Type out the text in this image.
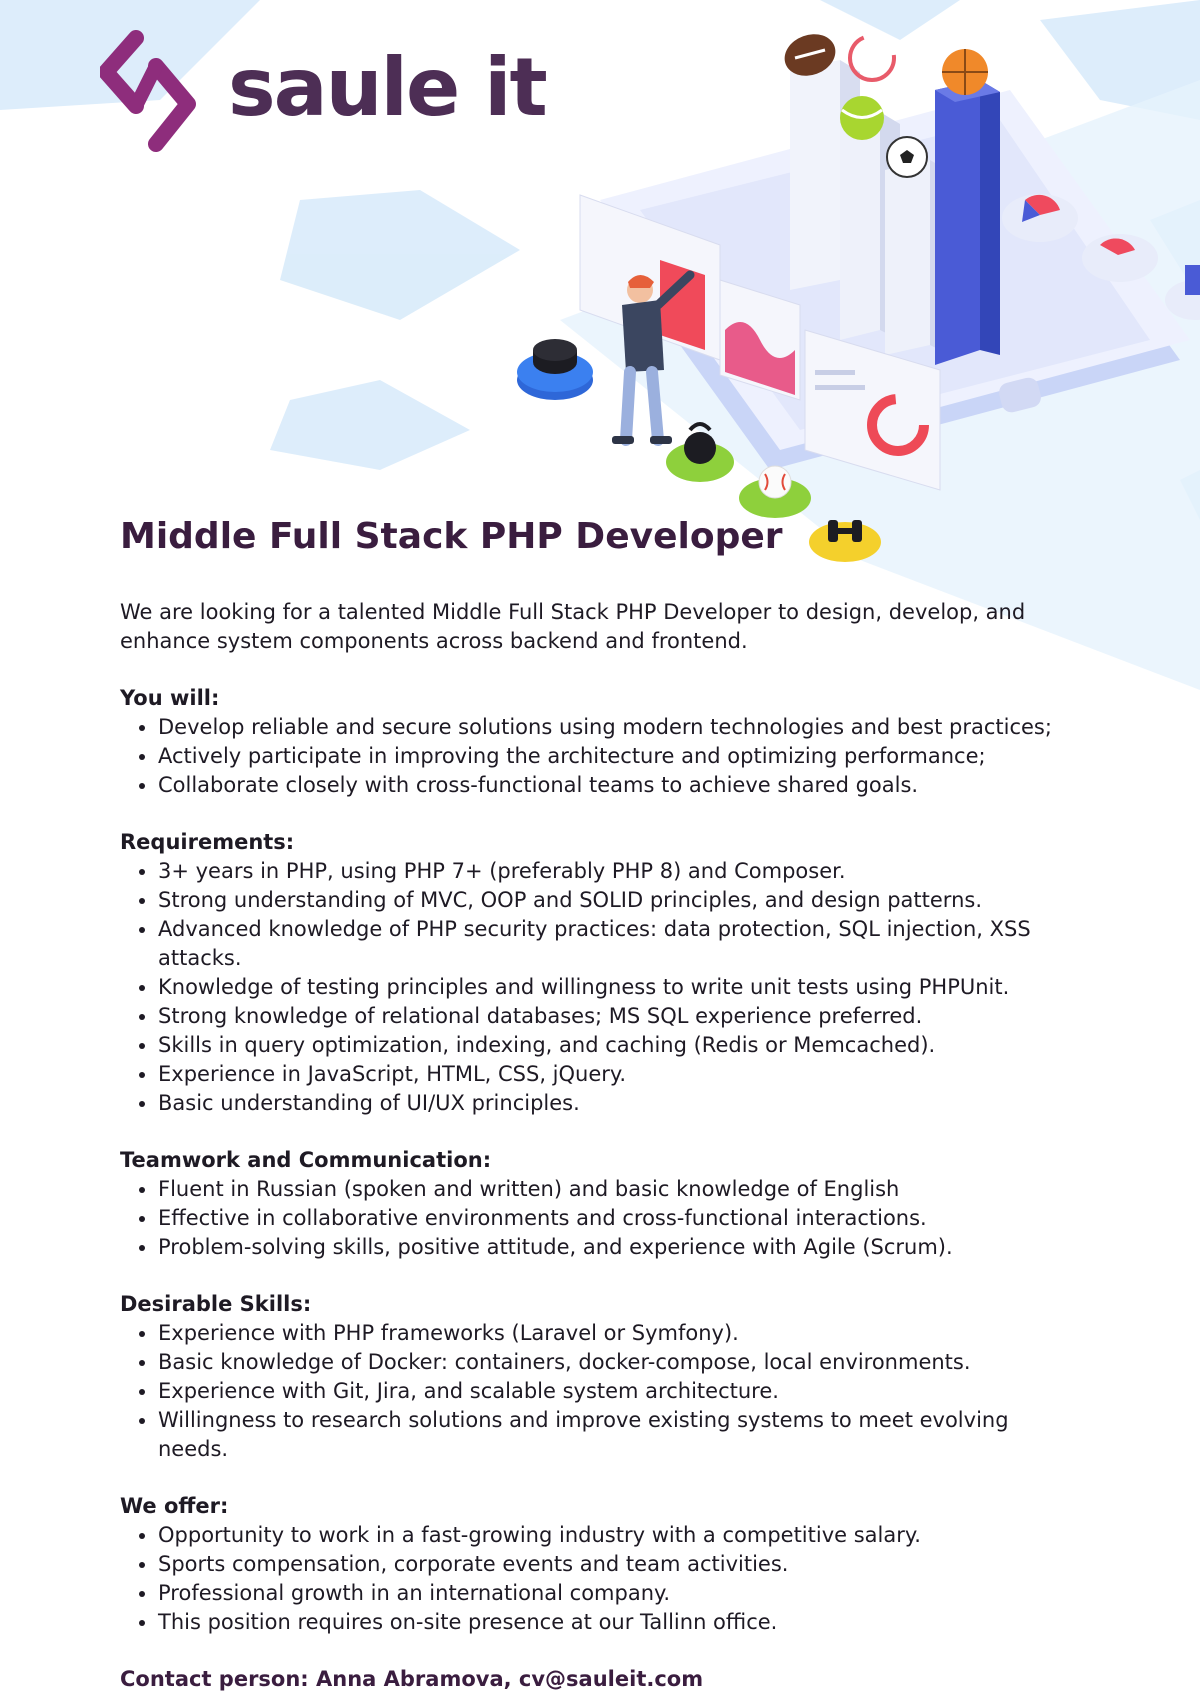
saule it
Middle Full Stack PHP Developer

We are looking for a talented Middle Full Stack PHP Developer to design, develop, and enhance system components across backend and frontend.

You will:

• Develop reliable and secure solutions using modern technologies and best practices;
• Actively participate in improving the architecture and optimizing performance;
• Collaborate closely with cross-functional teams to achieve shared goals.

Requirements:

• 3+ years in PHP, using PHP 7+ (preferably PHP 8) and Composer.
• Strong understanding of MVC, OOP and SOLID principles, and design patterns.
• Advanced knowledge of PHP security practices: data protection, SQL injection, XSS attacks.
• Knowledge of testing principles and willingness to write unit tests using PHPUnit.
• Strong knowledge of relational databases; MS SQL experience preferred.
• Skills in query optimization, indexing, and caching (Redis or Memcached).
• Experience in JavaScript, HTML, CSS, jQuery.
• Basic understanding of UI/UX principles.

Teamwork and Communication:

• Fluent in Russian (spoken and written) and basic knowledge of English
• Effective in collaborative environments and cross-functional interactions.
• Problem-solving skills, positive attitude, and experience with Agile (Scrum).

Desirable Skills:

• Experience with PHP frameworks (Laravel or Symfony).
• Basic knowledge of Docker: containers, docker-compose, local environments.
• Experience with Git, Jira, and scalable system architecture.
• Willingness to research solutions and improve existing systems to meet evolving needs.

We offer:

• Opportunity to work in a fast-growing industry with a competitive salary.
• Sports compensation, corporate events and team activities.
• Professional growth in an international company.
• This position requires on-site presence at our Tallinn office.

Contact person: Anna Abramova, cv@sauleit.com
